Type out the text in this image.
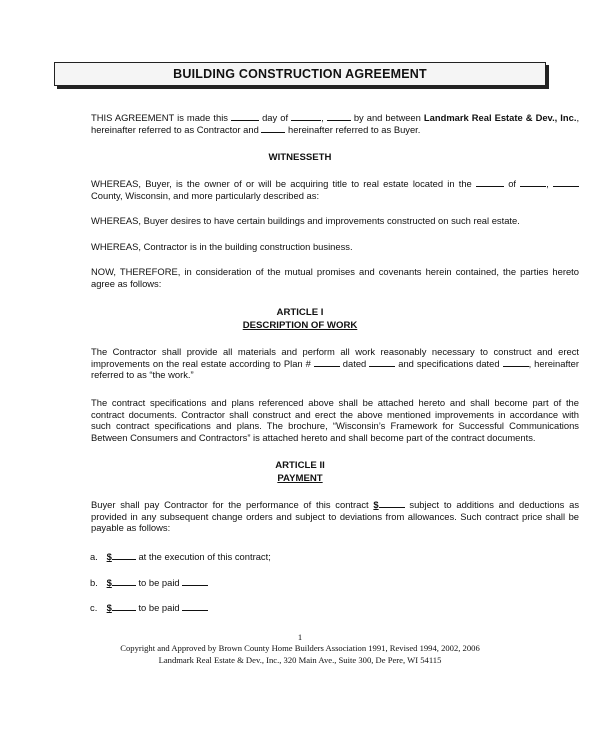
BUILDING CONSTRUCTION AGREEMENT
THIS AGREEMENT is made this	day of	,	by and between Landmark Real Estate & Dev., Inc., hereinafter referred to as Contractor and	hereinafter referred to as Buyer.
WITNESSETH
WHEREAS, Buyer, is the owner of or will be acquiring title to real estate located in the	of	,  County, Wisconsin, and more particularly described as:
WHEREAS, Buyer desires to have certain buildings and improvements constructed on such real estate.
WHEREAS, Contractor is in the building construction business.
NOW, THEREFORE, in consideration of the mutual promises and covenants herein contained, the parties hereto agree as follows:
ARTICLE I
DESCRIPTION OF WORK
The Contractor shall provide all materials and perform all work reasonably necessary to construct and erect improvements on the real estate according to Plan #	dated	and specifications dated	, hereinafter referred to as “the work.”
The contract specifications and plans referenced above shall be attached hereto and shall become part of the contract documents. Contractor shall construct and erect the above mentioned improvements in accordance with such contract specifications and plans. The brochure, “Wisconsin’s Framework for Successful Communications Between Consumers and Contractors” is attached hereto and shall become part of the contract documents.
ARTICLE II
PAYMENT
Buyer shall pay Contractor for the performance of this contract $	subject to additions and deductions as provided in any subsequent change orders and subject to deviations from allowances. Such contract price shall be payable as follows:
a. $	at the execution of this contract;
b. $	to be paid
c. $	to be paid
1
Copyright and Approved by Brown County Home Builders Association 1991, Revised 1994, 2002, 2006
Landmark Real Estate & Dev., Inc., 320 Main Ave., Suite 300, De Pere, WI 54115
